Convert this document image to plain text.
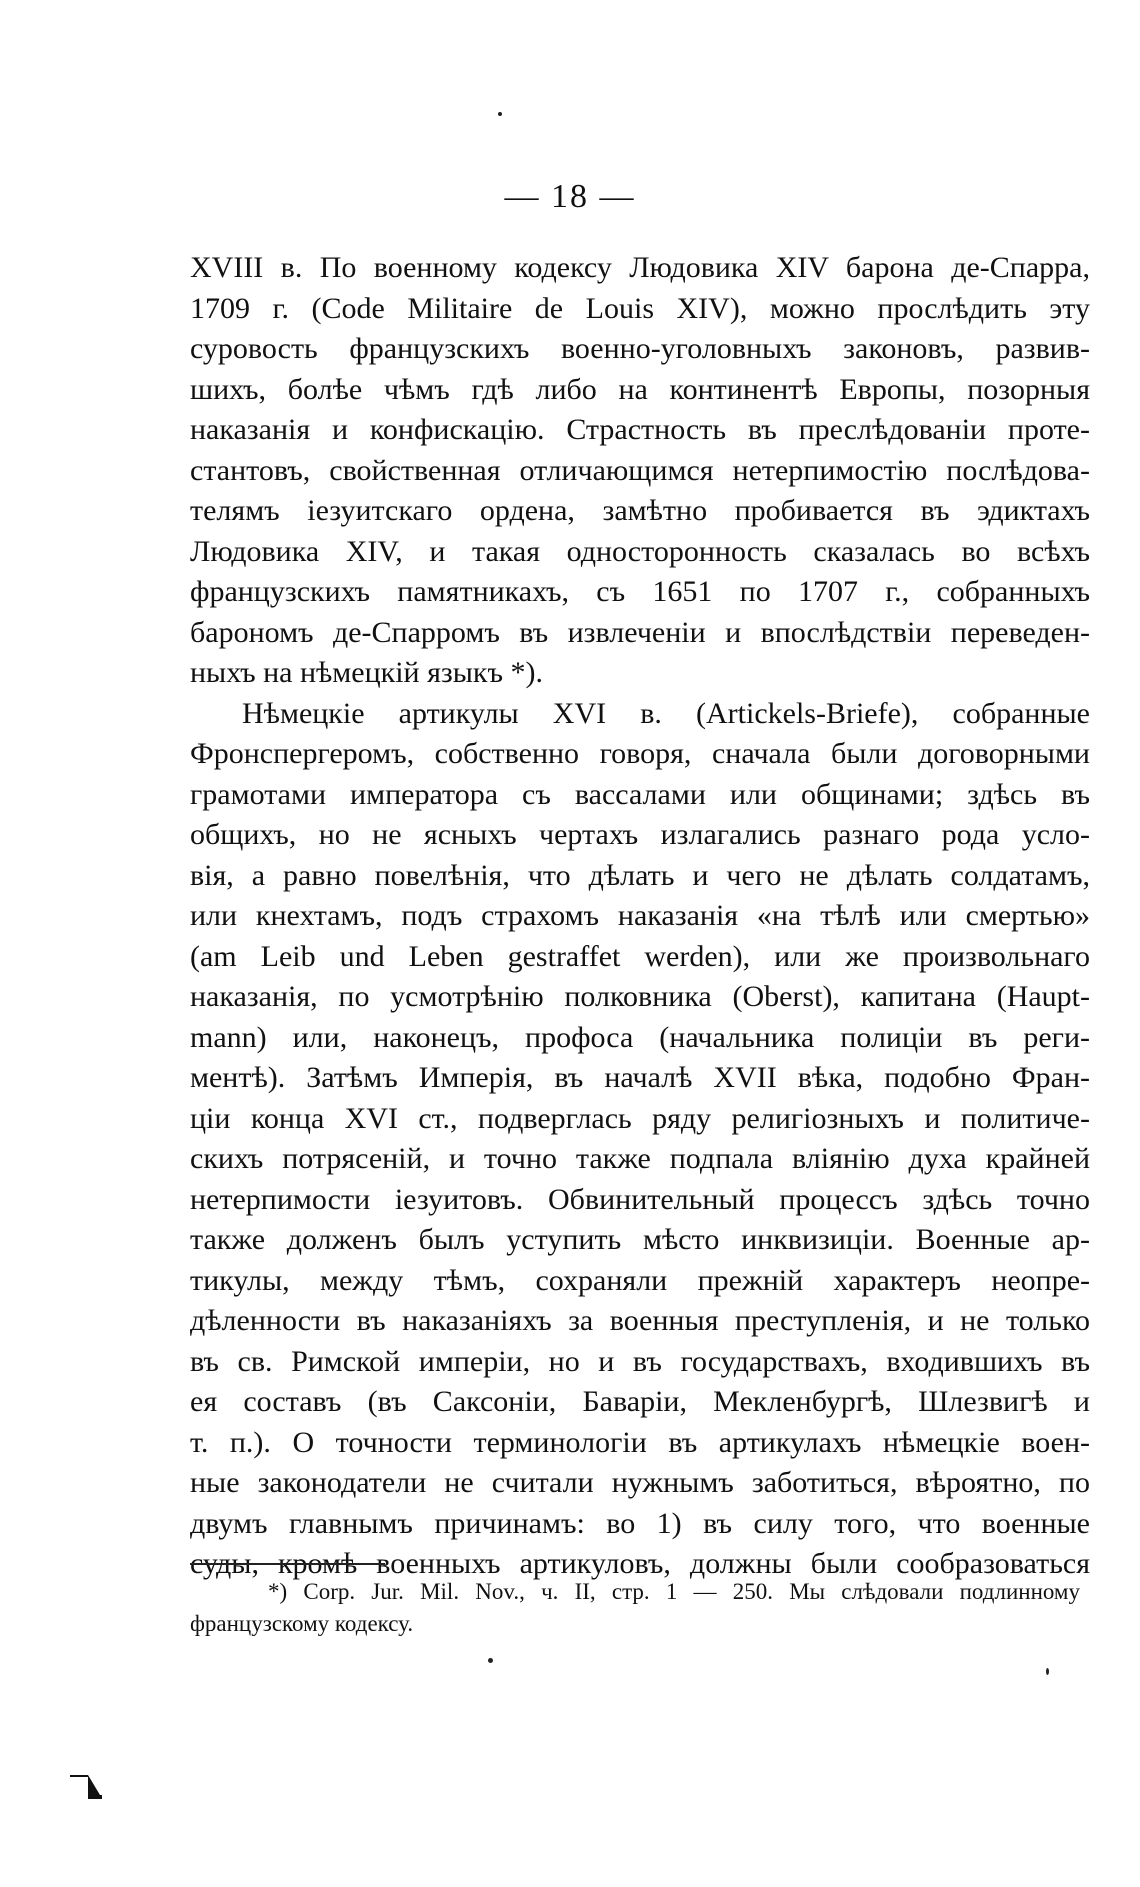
— 18 —
XVIII в. По военному кодексу Людовика XIV барона де-Спарра,
1709 г. (Code Militaire de Louis XIV), можно прослѣдить эту
суровость французскихъ военно-уголовныхъ законовъ, развив-
шихъ, болѣе чѣмъ гдѣ либо на континентѣ Европы, позорныя
наказанія и конфискацію. Страстность въ преслѣдованіи проте-
стантовъ, свойственная отличающимся нетерпимостію послѣдова-
телямъ іезуитскаго ордена, замѣтно пробивается въ эдиктахъ
Людовика XIV, и такая односторонность сказалась во всѣхъ
французскихъ памятникахъ, съ 1651 по 1707 г., собранныхъ
барономъ де-Спарромъ въ извлеченіи и впослѣдствіи переведен-
ныхъ на нѣмецкій языкъ *).
Нѣмецкіе артикулы XVI в. (Artickels-Briefe), собранные
Фронспергеромъ, собственно говоря, сначала были договорными
грамотами императора съ вассалами или общинами; здѣсь въ
общихъ, но не ясныхъ чертахъ излагались разнаго рода усло-
вія, а равно повелѣнія, что дѣлать и чего не дѣлать солдатамъ,
или кнехтамъ, подъ страхомъ наказанія «на тѣлѣ или смертью»
(am Leib und Leben gestraffet werden), или же произвольнаго
наказанія, по усмотрѣнію полковника (Oberst), капитана (Haupt-
mann) или, наконецъ, профоса (начальника полиціи въ реги-
ментѣ). Затѣмъ Имперія, въ началѣ XVII вѣка, подобно Фран-
ціи конца XVI ст., подверглась ряду религіозныхъ и политиче-
скихъ потрясеній, и точно также подпала вліянію духа крайней
нетерпимости іезуитовъ. Обвинительный процессъ здѣсь точно
также долженъ былъ уступить мѣсто инквизиціи. Военные ар-
тикулы, между тѣмъ, сохраняли прежній характеръ неопре-
дѣленности въ наказаніяхъ за военныя преступленія, и не только
въ св. Римской имперіи, но и въ государствахъ, входившихъ въ
ея составъ (въ Саксоніи, Баваріи, Мекленбургѣ, Шлезвигѣ и
т. п.). О точности терминологіи въ артикулахъ нѣмецкіе воен-
ные законодатели не считали нужнымъ заботиться, вѣроятно, по
двумъ главнымъ причинамъ: во 1) въ силу того, что военные
суды, кромѣ военныхъ артикуловъ, должны были сообразоваться
*) Corp. Jur. Mil. Nov., ч. II, стр. 1 — 250. Мы слѣдовали подлинному
французскому кодексу.
